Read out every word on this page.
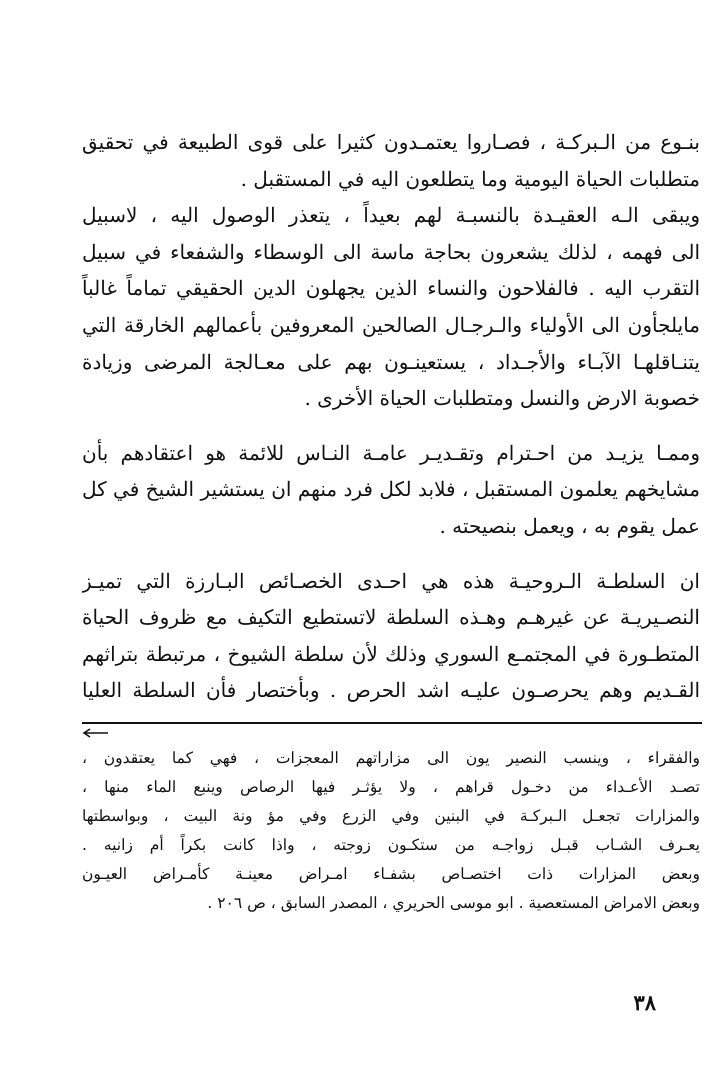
بنـوع من الـبركـة ، فصـاروا يعتمـدون كثيرا على قوى الطبيعة في تحقيق
متطلبات الحياة اليومية وما يتطلعون اليه في المستقبل .
ويبقى الـه العقيـدة بالنسبـة لهم بعيداً ، يتعذر الوصول اليه ، لاسبيل
الى فهمه ، لذلك يشعرون بحاجة ماسة الى الوسطاء والشفعاء في سبيل
التقرب اليه . فالفلاحون والنساء الذين يجهلون الدين الحقيقي تماماً غالباً
مايلجأون الى الأولياء والـرجـال الصالحين المعروفين بأعمالهم الخارقة التي
يتنـاقلهـا الآبـاء والأجـداد ، يستعينـون بهم على معـالجة المرضى وزيادة
خصوبة الارض والنسل ومتطلبات الحياة الأخرى .
وممـا يزيـد من احـترام وتقـديـر عامـة النـاس للائمة هو اعتقادهم بأن
مشايخهم يعلمون المستقبل ، فلابد لكل فرد منهم ان يستشير الشيخ في كل
عمل يقوم به ، ويعمل بنصيحته .
ان السلطـة الـروحيـة هذه هي احـدى الخصـائص البـارزة التي تميـز
النصـيريـة عن غيرهـم وهـذه السلطة لاتستطيع التكيف مع ظروف الحياة
المتطـورة في المجتمـع السوري وذلك لأن سلطة الشيوخ ، مرتبطة بتراثهم
القـديم وهم يحرصـون عليـه اشد الحرص . وبأختصار فأن السلطة العليا
والفقراء ، وينسب النصير يون الى مزاراتهم المعجزات ، فهي كما يعتقدون ،
تصـد الأعـداء من دخـول قراهم ، ولا يؤثـر فيها الرصاص وينبع الماء منها ،
والمزارات تجعـل الـبركـة في البنين وفي الزرع وفي مؤ ونة البيت ، وبواسطتها
يعـرف الشـاب قبـل زواجـه من ستكـون زوجته ، واذا كانت بكراً أم زانيه .
وبعض المزارات ذات اختصـاص بشفـاء امـراض معينـة كأمـراض العيـون
وبعض الامراض المستعصية . ابو موسى الحريري ، المصدر السابق ، ص ٢٠٦ .
٣٨
